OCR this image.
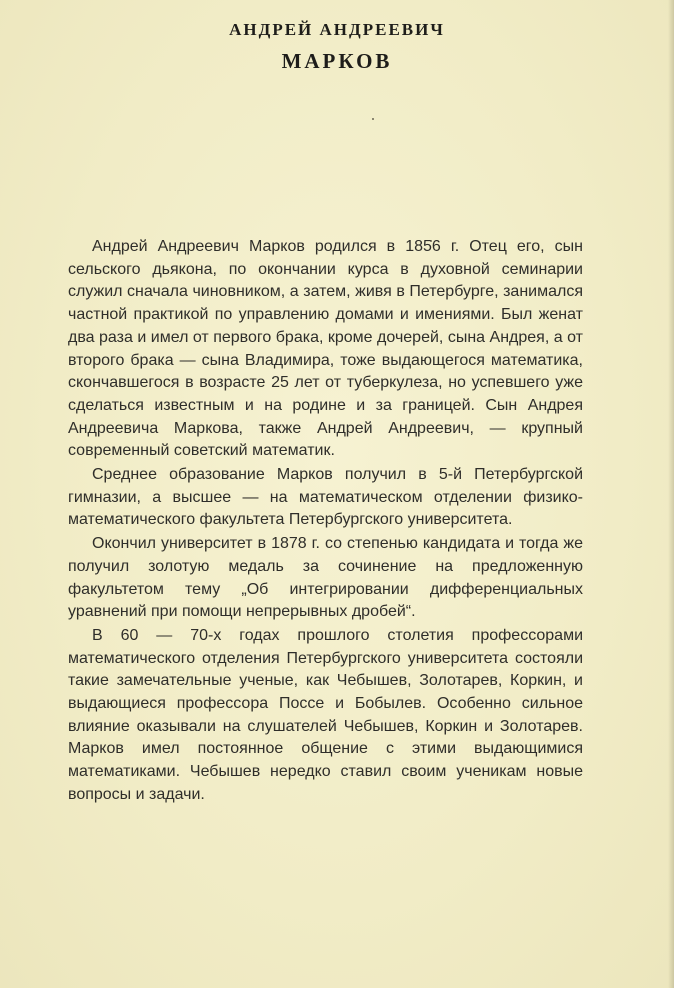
АНДРЕЙ АНДРЕЕВИЧ
МАРКОВ

Андрей Андреевич Марков родился в 1856 г. Отец его, сын сельского дьякона, по окончании курса в духовной семинарии служил сначала чиновником, а затем, живя в Петербурге, занимался частной практикой по управлению домами и имениями. Был женат два раза и имел от первого брака, кроме дочерей, сына Андрея, а от второго брака — сына Владимира, тоже выдающегося математика, скончавшегося в возрасте 25 лет от туберкулеза, но успевшего уже сделаться известным и на родине и за границей. Сын Андрея Андреевича Маркова, также Андрей Андреевич, — крупный современный советский математик.

Среднее образование Марков получил в 5-й Петербургской гимназии, а высшее — на математическом отделении физико-математического факультета Петербургского университета.

Окончил университет в 1878 г. со степенью кандидата и тогда же получил золотую медаль за сочинение на предложенную факультетом тему „Об интегрировании дифференциальных уравнений при помощи непрерывных дробей“.

В 60 — 70-х годах прошлого столетия профессорами математического отделения Петербургского университета состояли такие замечательные ученые, как Чебышев, Золотарев, Коркин, и выдающиеся профессора Поссе и Бобылев. Особенно сильное влияние оказывали на слушателей Чебышев, Коркин и Золотарев. Марков имел постоянное общение с этими выдающимися математиками. Чебышев нередко ставил своим ученикам новые вопросы и задачи.
